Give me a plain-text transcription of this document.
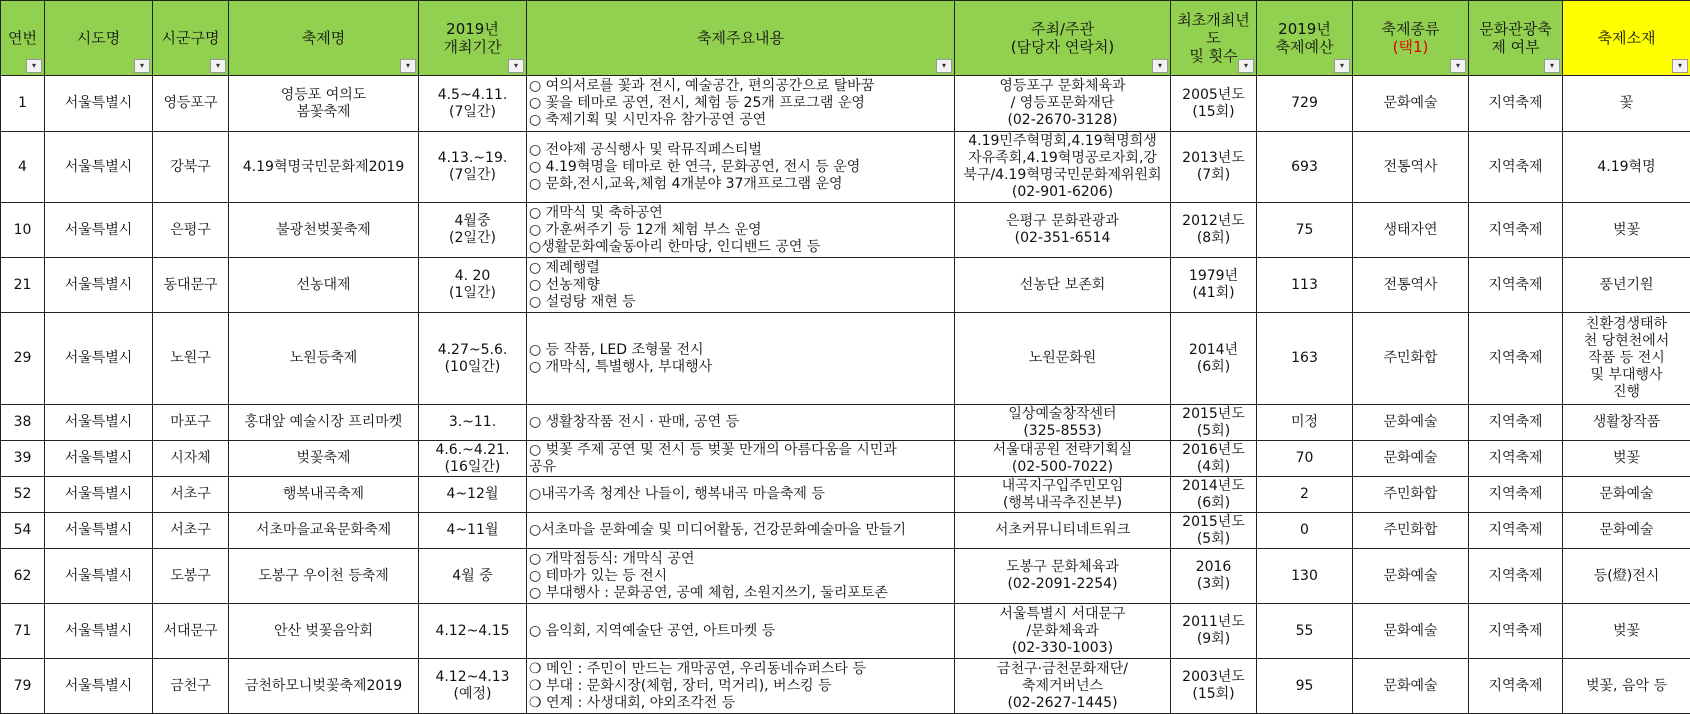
연번
▾	시도명
▾	시군구명
▾	축제명
▾	2019년
개최기간
▾	축제주요내용
▾	주최/주관
(담당자 연락처)
▾	최초개최년
도
및 횟수
▾	2019년
축제예산
▾	축제종류
(택1)
▾	문화관광축
제 여부
▾	축제소재
▾

1	서울특별시	영등포구	영등포 여의도
봄꽃축제	4.5~4.11.
(7일간)	○ 여의서로를 꽃과 전시, 예술공간, 편의공간으로 탈바꿈
○ 꽃을 테마로 공연, 전시, 체험 등 25개 프로그램 운영
○ 축제기획 및 시민자유 참가공연 공연	영등포구 문화체육과
/ 영등포문화재단
(02-2670-3128)	2005년도
(15회)	729	문화예술	지역축제	꽃
4	서울특별시	강북구	4.19혁명국민문화제2019	4.13.~19.
(7일간)	○ 전야제 공식행사 및 락뮤직페스티벌
○ 4.19혁명을 테마로 한 연극, 문화공연, 전시 등 운영
○ 문화,전시,교육,체험 4개분야 37개프로그램 운영	4.19민주혁명회,4.19혁명희생
자유족회,4.19혁명공로자회,강
북구/4.19혁명국민문화제위원회
(02-901-6206)	2013년도
(7회)	693	전통역사	지역축제	4.19혁명
10	서울특별시	은평구	불광천벚꽃축제	4월중
(2일간)	○ 개막식 및 축하공연
○ 가훈써주기 등 12개 체험 부스 운영
○생활문화예술동아리 한마당, 인디밴드 공연 등	은평구 문화관광과
(02-351-6514	2012년도
(8회)	75	생태자연	지역축제	벚꽃
21	서울특별시	동대문구	선농대제	4. 20
(1일간)	○ 제례행렬
○ 선농제향
○ 설렁탕 재현 등	선농단 보존회	1979년
(41회)	113	전통역사	지역축제	풍년기원
29	서울특별시	노원구	노원등축제	4.27~5.6.
(10일간)	○ 등 작품, LED 조형물 전시
○ 개막식, 특별행사, 부대행사	노원문화원	2014년
(6회)	163	주민화합	지역축제	친환경생태하
천 당현천에서
작품 등 전시
및 부대행사
진행
38	서울특별시	마포구	홍대앞 예술시장 프리마켓	3.~11.	○ 생활창작품 전시 · 판매, 공연 등	일상예술창작센터
(325-8553)	2015년도
(5회)	미정	문화예술	지역축제	생활창작품
39	서울특별시	시자체	벚꽃축제	4.6.~4.21.
(16일간)	○ 벚꽃 주제 공연 및 전시 등 벚꽃 만개의 아름다움을 시민과
공유	서울대공원 전략기획실
(02-500-7022)	2016년도
(4회)	70	문화예술	지역축제	벚꽃
52	서울특별시	서초구	행복내곡축제	4~12월	○내곡가족 청계산 나들이, 행복내곡 마을축제 등	내곡지구입주민모임
(행복내곡추진본부)	2014년도
(6회)	2	주민화합	지역축제	문화예술
54	서울특별시	서초구	서초마을교육문화축제	4~11월	○서초마을 문화예술 및 미디어활동, 건강문화예술마을 만들기	서초커뮤니티네트워크	2015년도
(5회)	0	주민화합	지역축제	문화예술
62	서울특별시	도봉구	도봉구 우이천 등축제	4월 중	○ 개막점등식: 개막식 공연
○ 테마가 있는 등 전시
○ 부대행사 : 문화공연, 공예 체험, 소원지쓰기, 둘리포토존	도봉구 문화체육과
(02-2091-2254)	2016
(3회)	130	문화예술	지역축제	등(燈)전시
71	서울특별시	서대문구	안산 벚꽃음악회	4.12~4.15	○ 음익회, 지역예술단 공연, 아트마켓 등	서울특별시 서대문구
/문화체육과
(02-330-1003)	2011년도
(9회)	55	문화예술	지역축제	벚꽃
79	서울특별시	금천구	금천하모니벚꽃축제2019	4.12~4.13
(예정)	❍ 메인 : 주민이 만드는 개막공연, 우리동네슈퍼스타 등
❍ 부대 : 문화시장(체험, 장터, 먹거리), 버스킹 등
❍ 연계 : 사생대회, 야외조각전 등	금천구·금천문화재단/
축제거버넌스
(02-2627-1445)	2003년도
(15회)	95	문화예술	지역축제	벚꽃, 음악 등
